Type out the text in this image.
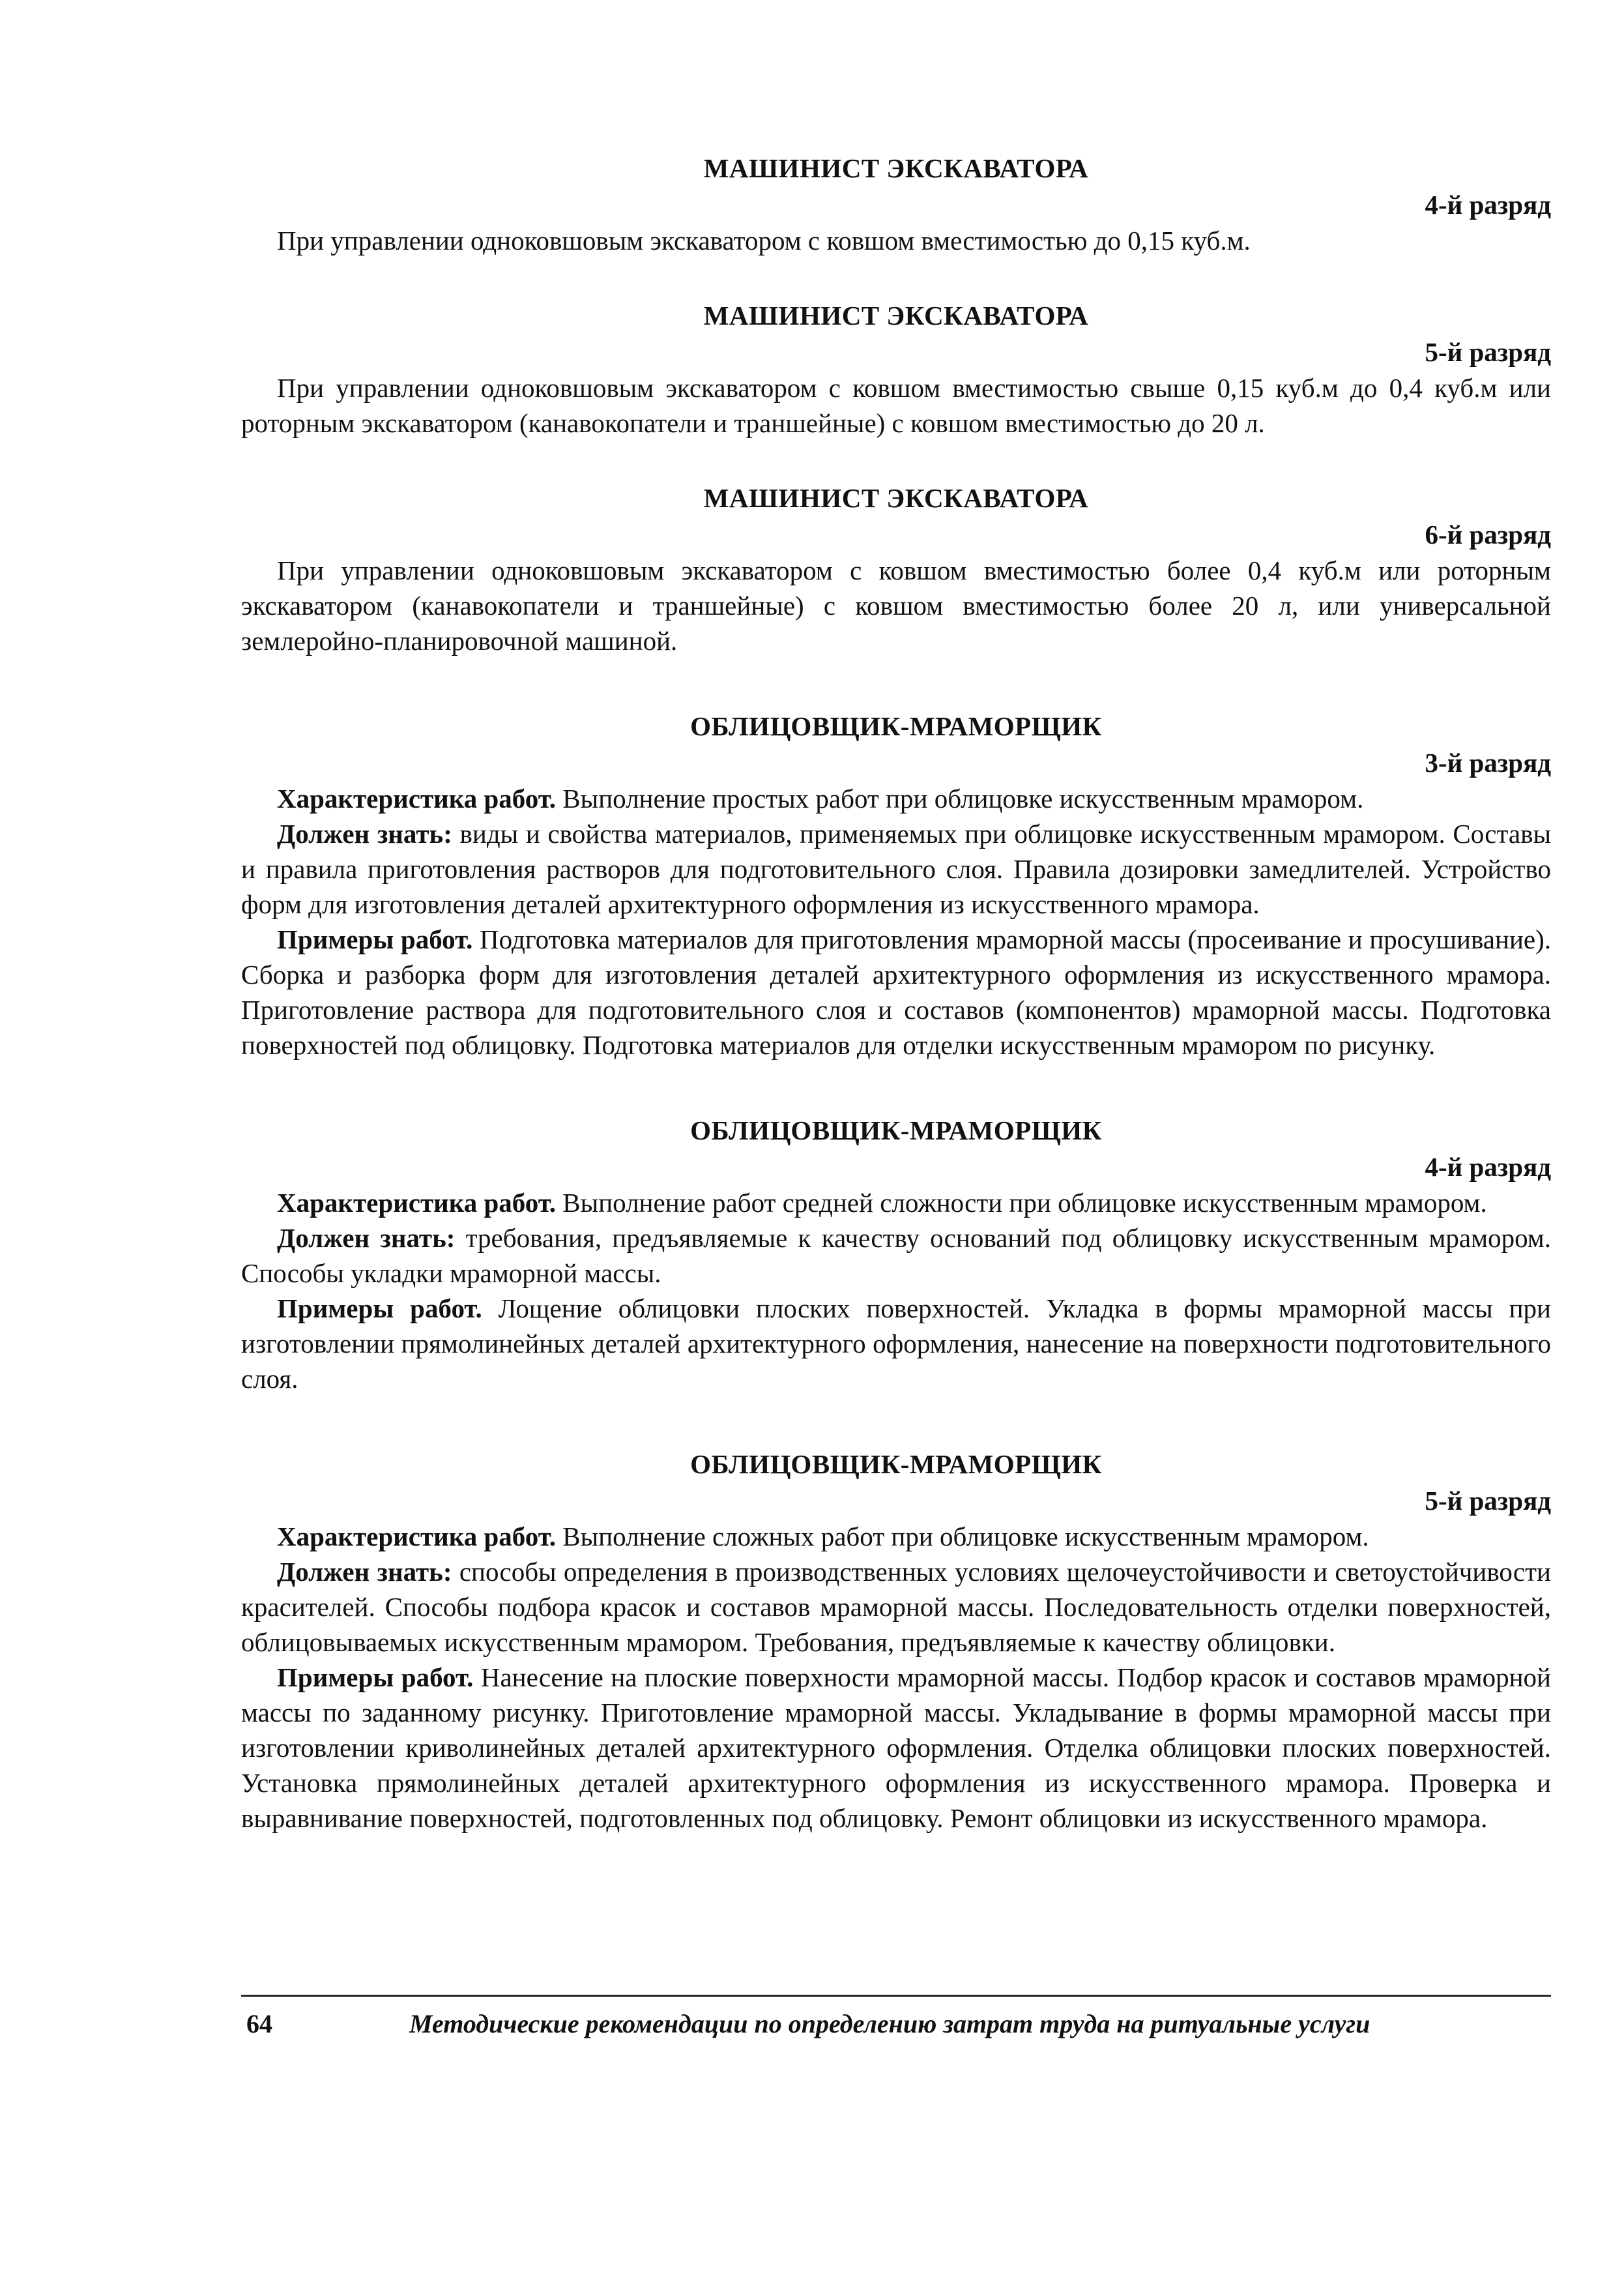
МАШИНИСТ ЭКСКАВАТОРА
4-й разряд

При управлении одноковшовым экскаватором с ковшом вместимостью до 0,15 куб.м.

МАШИНИСТ ЭКСКАВАТОРА
5-й разряд

При управлении одноковшовым экскаватором с ковшом вместимостью свыше 0,15 куб.м до 0,4 куб.м или роторным экскаватором (канавокопатели и траншейные) с ковшом вместимостью до 20 л.

МАШИНИСТ ЭКСКАВАТОРА
6-й разряд

При управлении одноковшовым экскаватором с ковшом вместимостью более 0,4 куб.м или роторным экскаватором (канавокопатели и траншейные) с ковшом вместимостью более 20 л, или универсальной землеройно-планировочной машиной.

ОБЛИЦОВЩИК-МРАМОРЩИК
3-й разряд

Характеристика работ. Выполнение простых работ при облицовке искусственным мрамором.

Должен знать: виды и свойства материалов, применяемых при облицовке искусственным мрамором. Составы и правила приготовления растворов для подготовительного слоя. Правила дозировки замедлителей. Устройство форм для изготовления деталей архитектурного оформления из искусственного мрамора.

Примеры работ. Подготовка материалов для приготовления мраморной массы (просеивание и просушивание). Сборка и разборка форм для изготовления деталей архитектурного оформления из искусственного мрамора. Приготовление раствора для подготовительного слоя и составов (компонентов) мраморной массы. Подготовка поверхностей под облицовку. Подготовка материалов для отделки искусственным мрамором по рисунку.

ОБЛИЦОВЩИК-МРАМОРЩИК
4-й разряд

Характеристика работ. Выполнение работ средней сложности при облицовке искусственным мрамором.

Должен знать: требования, предъявляемые к качеству оснований под облицовку искусственным мрамором. Способы укладки мраморной массы.

Примеры работ. Лощение облицовки плоских поверхностей. Укладка в формы мраморной массы при изготовлении прямолинейных деталей архитектурного оформления, нанесение на поверхности подготовительного слоя.

ОБЛИЦОВЩИК-МРАМОРЩИК
5-й разряд

Характеристика работ. Выполнение сложных работ при облицовке искусственным мрамором.

Должен знать: способы определения в производственных условиях щелочеустойчивости и светоустойчивости красителей. Способы подбора красок и составов мраморной массы. Последовательность отделки поверхностей, облицовываемых искусственным мрамором. Требования, предъявляемые к качеству облицовки.

Примеры работ. Нанесение на плоские поверхности мраморной массы. Подбор красок и составов мраморной массы по заданному рисунку. Приготовление мраморной массы. Укладывание в формы мраморной массы при изготовлении криволинейных деталей архитектурного оформления. Отделка облицовки плоских поверхностей. Установка прямолинейных деталей архитектурного оформления из искусственного мрамора. Проверка и выравнивание поверхностей, подготовленных под облицовку. Ремонт облицовки из искусственного мрамора.

64	Методические рекомендации по определению затрат труда на ритуальные услуги
